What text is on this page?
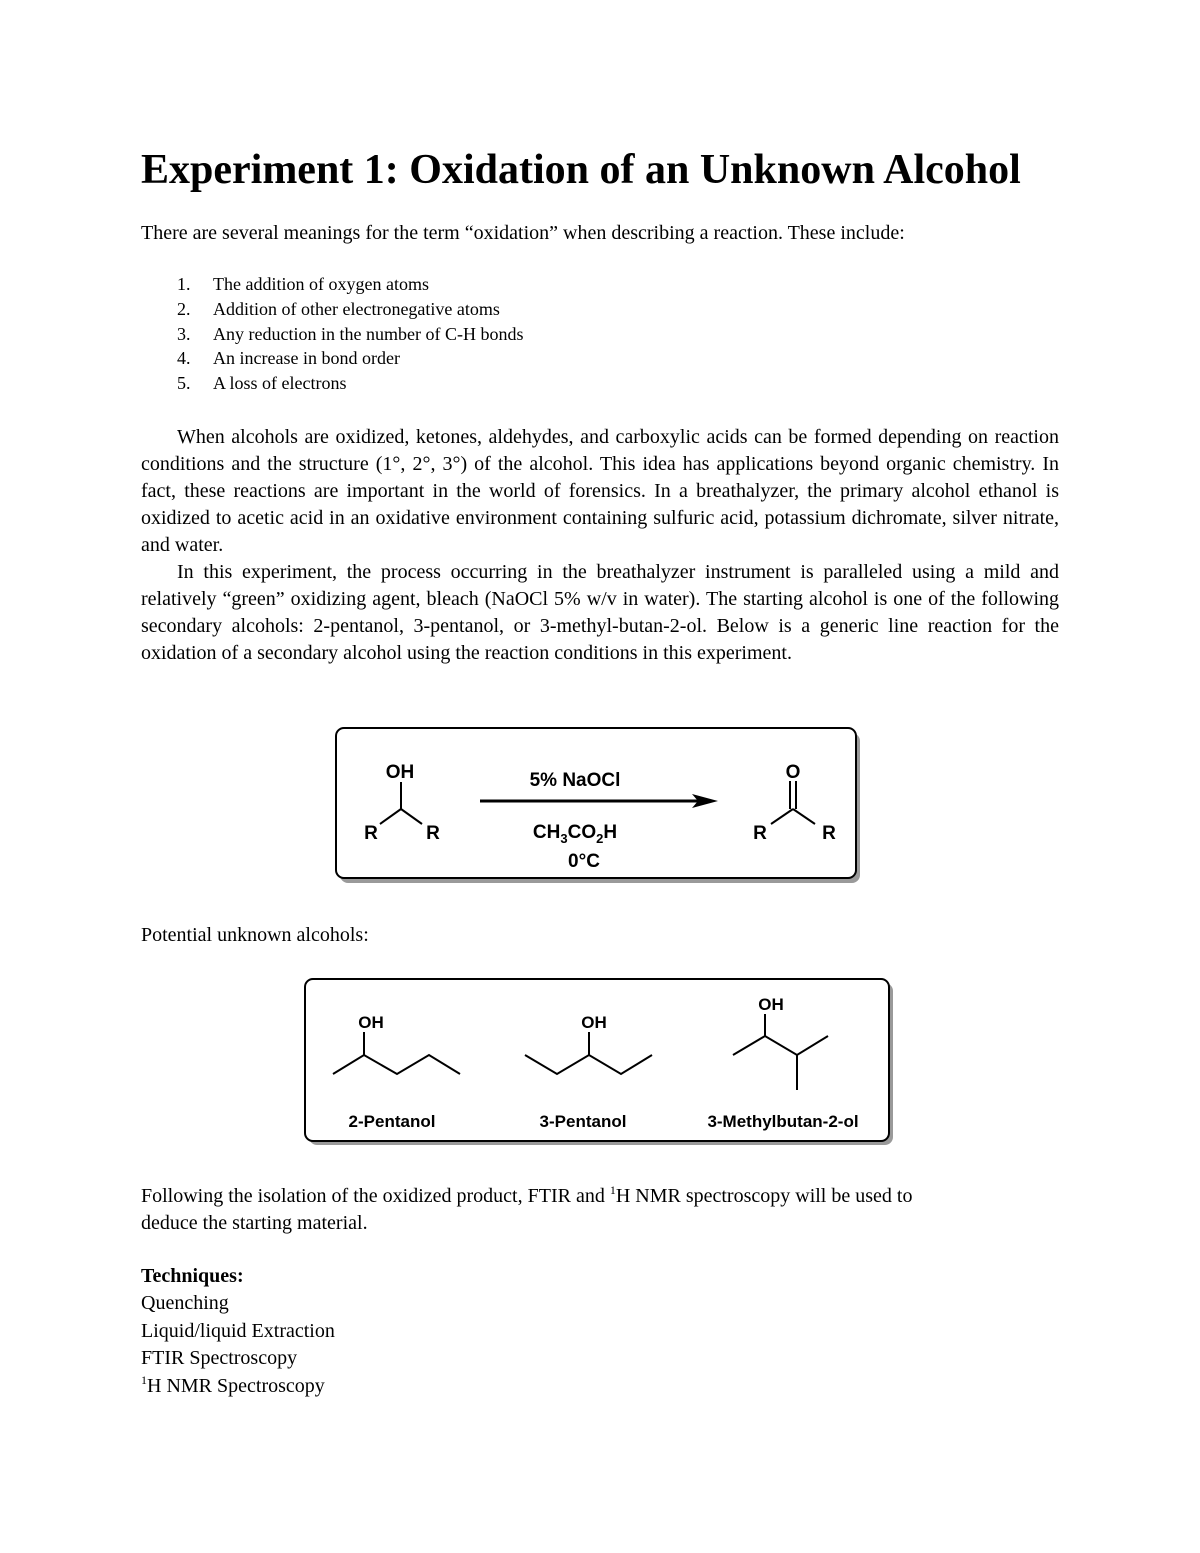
Experiment 1: Oxidation of an Unknown Alcohol

There are several meanings for the term “oxidation” when describing a reaction. These include:

1. The addition of oxygen atoms
2. Addition of other electronegative atoms
3. Any reduction in the number of C-H bonds
4. An increase in bond order
5. A loss of electrons

When alcohols are oxidized, ketones, aldehydes, and carboxylic acids can be formed depending on reaction conditions and the structure (1°, 2°, 3°) of the alcohol. This idea has applications beyond organic chemistry. In fact, these reactions are important in the world of forensics. In a breathalyzer, the primary alcohol ethanol is oxidized to acetic acid in an oxidative environment containing sulfuric acid, potassium dichromate, silver nitrate, and water.

In this experiment, the process occurring in the breathalyzer instrument is paralleled using a mild and relatively “green” oxidizing agent, bleach (NaOCl 5% w/v in water). The starting alcohol is one of the following secondary alcohols: 2-pentanol, 3-pentanol, or 3-methyl-butan-2-ol. Below is a generic line reaction for the oxidation of a secondary alcohol using the reaction conditions in this experiment.

OH
R	R
5% NaOCl
$CH_3CO_2H$
0°C
O
R	R

Potential unknown alcohols:

OH
2-Pentanol
OH
3-Pentanol
OH
3-Methylbutan-2-ol

Following the isolation of the oxidized product, FTIR and $^1$H NMR spectroscopy will be used to

deduce the starting material.

Techniques:

Quenching
Liquid/liquid Extraction
FTIR Spectroscopy
$^1$H NMR Spectroscopy
